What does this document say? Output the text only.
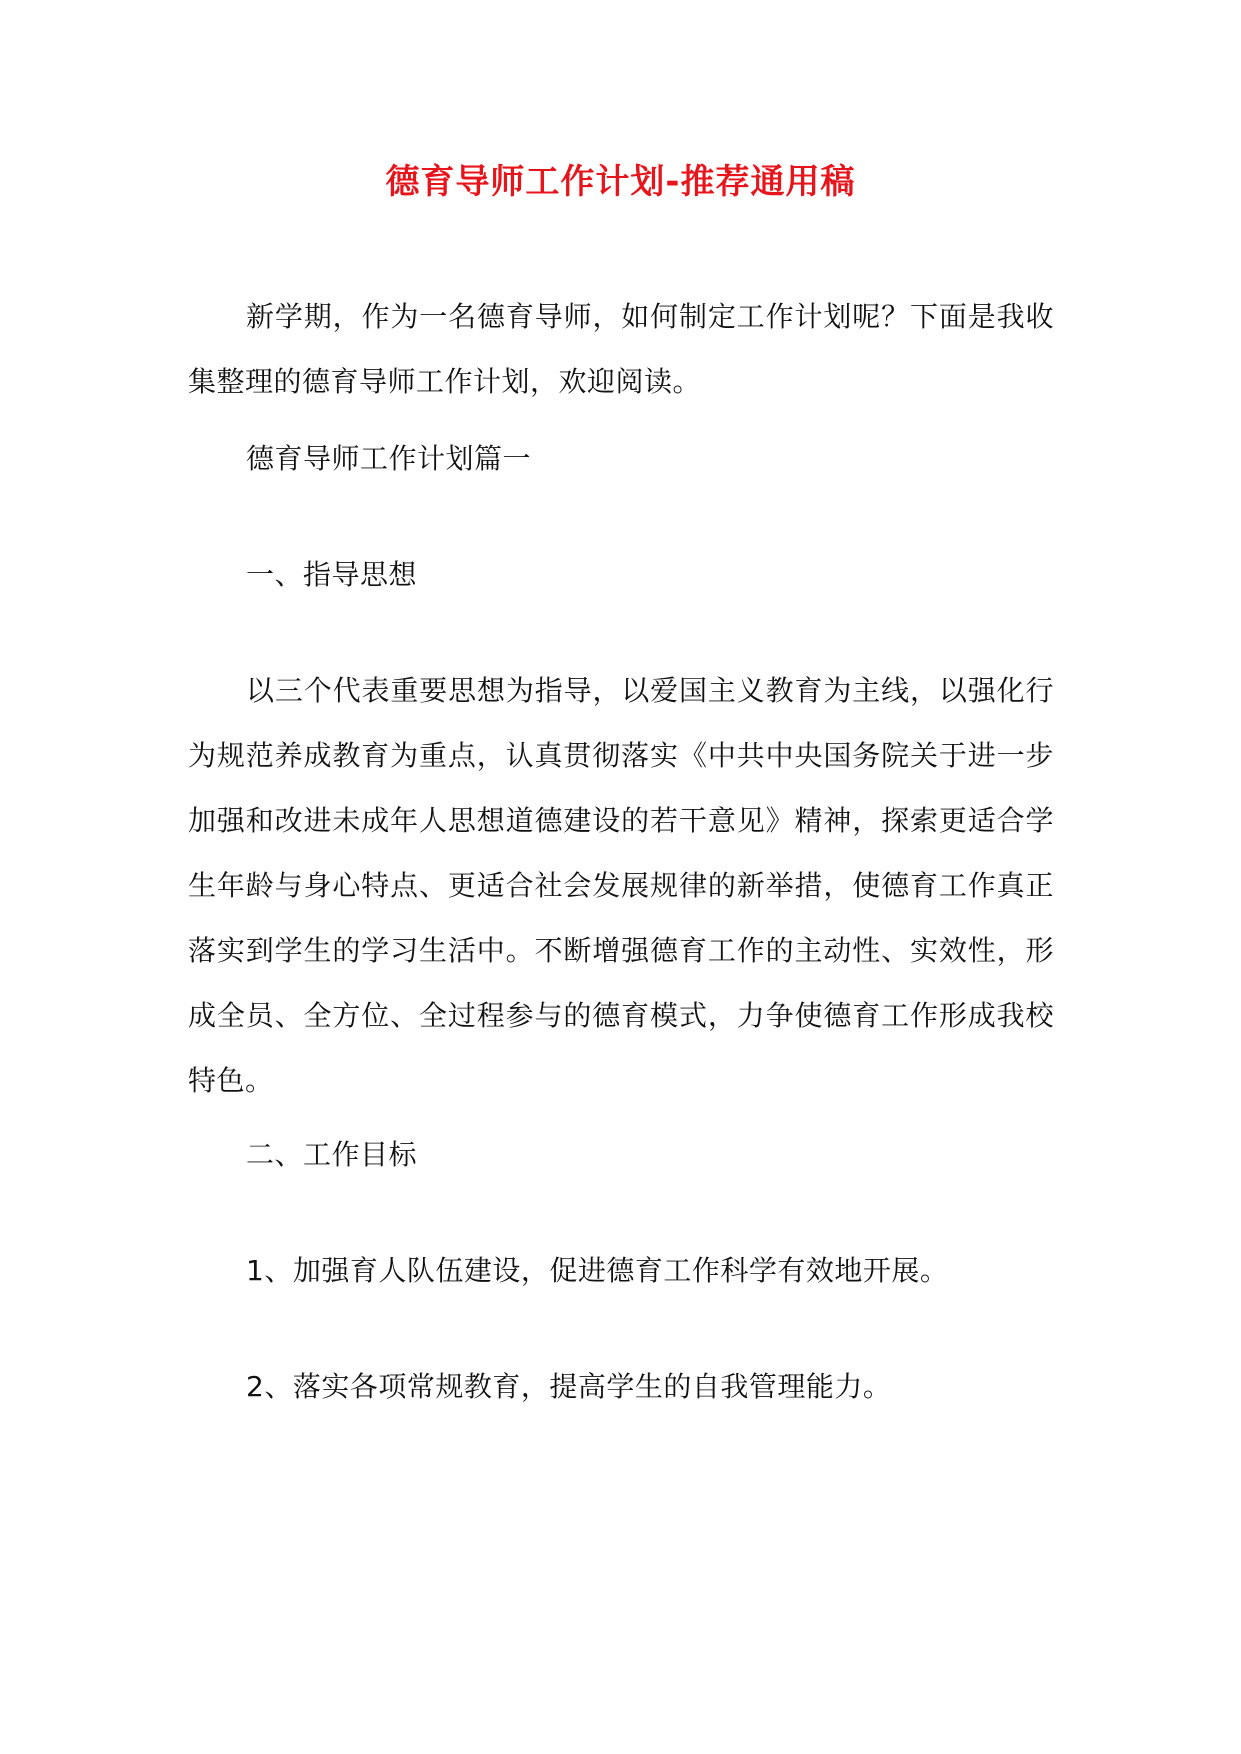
德育导师工作计划-推荐通用稿

新学期，作为一名德育导师，如何制定工作计划呢？下面是我收集整理的德育导师工作计划，欢迎阅读。

德育导师工作计划篇一

一、指导思想

以三个代表重要思想为指导，以爱国主义教育为主线，以强化行为规范养成教育为重点，认真贯彻落实《中共中央国务院关于进一步加强和改进未成年人思想道德建设的若干意见》精神，探索更适合学生年龄与身心特点、更适合社会发展规律的新举措，使德育工作真正落实到学生的学习生活中。不断增强德育工作的主动性、实效性，形成全员、全方位、全过程参与的德育模式，力争使德育工作形成我校特色。

二、工作目标

1、加强育人队伍建设，促进德育工作科学有效地开展。

2、落实各项常规教育，提高学生的自我管理能力。
